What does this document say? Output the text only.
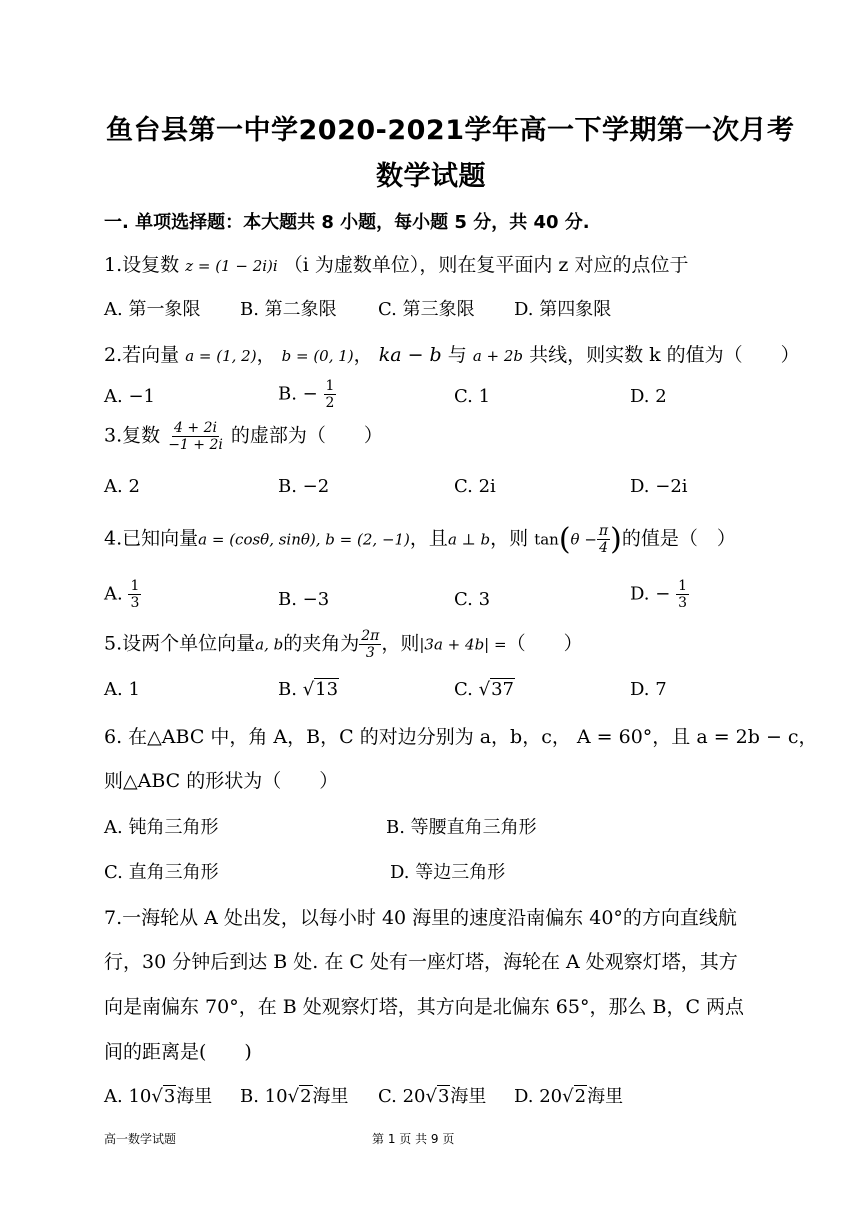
鱼台县第一中学2020-2021学年高一下学期第一次月考
数学试题
一. 单项选择题：本大题共 8 小题，每小题 5 分，共 40 分.
1.设复数 z = (1 − 2i)i （i 为虚数单位），则在复平面内 z 对应的点位于
A. 第一象限 B. 第二象限 C. 第三象限 D. 第四象限
2.若向量 a = (1, 2)， b = (0, 1)， ka − b 与 a + 2b 共线，则实数 k 的值为（　　）
A. −1	B. − $\frac{1}{2}$	C. 1	D. 2
3.复数 $\frac{4 + 2i}{-1 + 2i}$ 的虚部为（　　）
A. 2	B. −2	C. 2i	D. −2i
4.已知向量a = (cosθ, sinθ), b = (2, −1)，且a ⊥ b，则 $\tan(\theta - \frac{\pi}{4}$ )的值是（　）
A. $\frac{1}{3}$	B. −3	C. 3	D. − $\frac{1}{3}$
5.设两个单位向量a, b的夹角为 $\frac{2\pi}{3}$ ，则|3a + 4b| =（　　）
A. 1	B. √13	C. √37	D. 7
6. 在△ABC 中，角 A，B，C 的对边分别为 a，b，c， A = 60°，且 a = 2b − c，
则△ABC 的形状为（　　）
A. 钝角三角形	B. 等腰直角三角形
C. 直角三角形	D. 等边三角形
7.一海轮从 A 处出发，以每小时 40 海里的速度沿南偏东 40°的方向直线航
行，30 分钟后到达 B 处. 在 C 处有一座灯塔，海轮在 A 处观察灯塔，其方
向是南偏东 70°，在 B 处观察灯塔，其方向是北偏东 65°，那么 B，C 两点
间的距离是(　　)
A. 10√3海里 B. 10√2海里 C. 20√3海里 D. 20√2海里
高一数学试题	第 1 页 共 9 页
